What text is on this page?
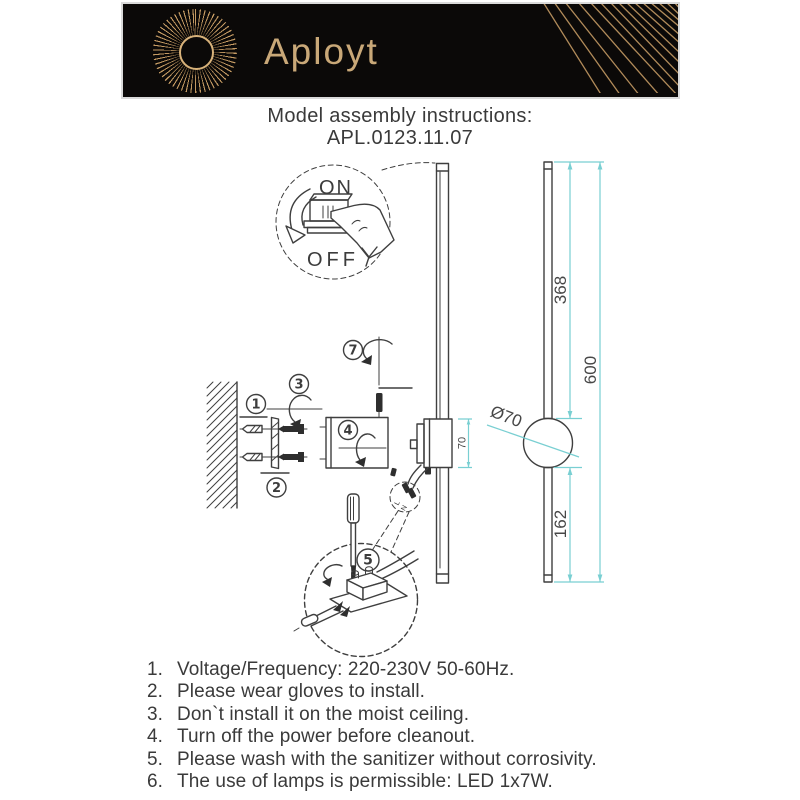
Aployt
Model assembly instructions:
APL.0123.11.07
ON
OFF
L
N
7
4
1
2
3
368
600
162
Ø70
70
5
1. Voltage/Frequency: 220-230V 50-60Hz.
2. Please wear gloves to install.
3. Don`t install it on the moist ceiling.
4. Turn off the power before cleanout.
5. Please wash with the sanitizer without corrosivity.
6. The use of lamps is permissible: LED 1x7W.
